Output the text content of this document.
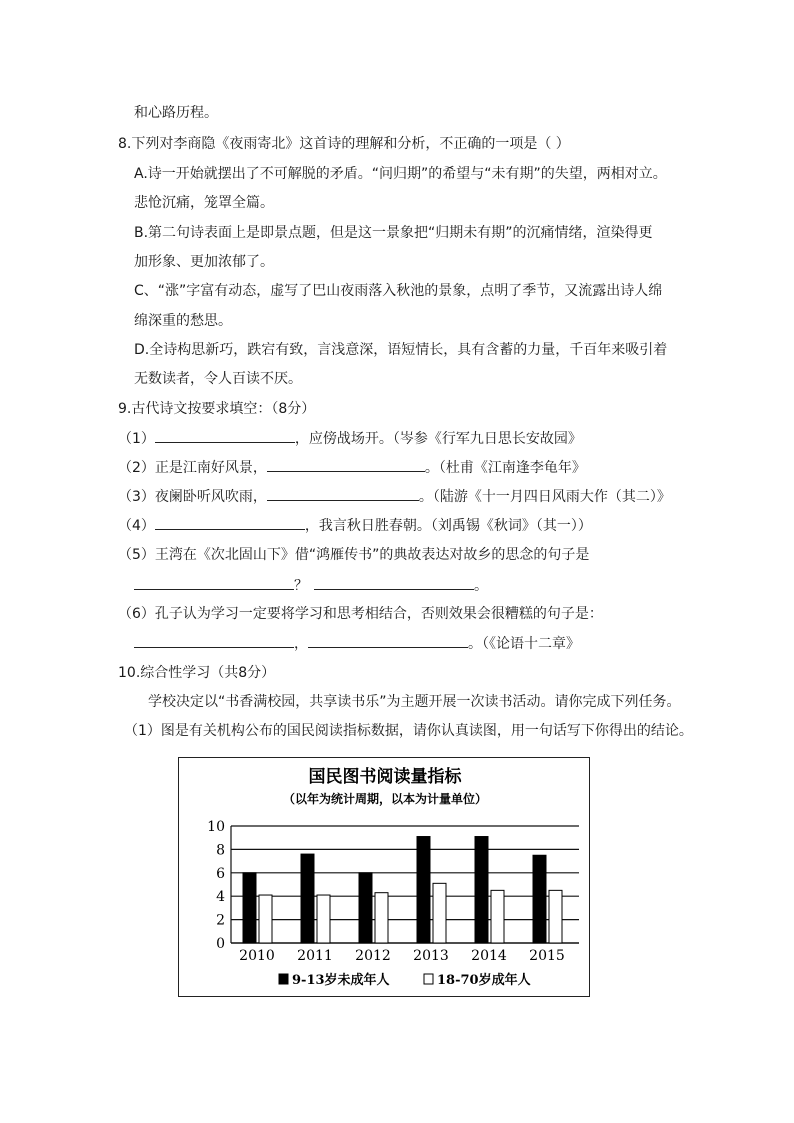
和心路历程。
8.下列对李商隐《夜雨寄北》这首诗的理解和分析，不正确的一项是（ ）
A.诗一开始就摆出了不可解脱的矛盾。“问归期”的希望与“未有期”的失望，两相对立。
悲怆沉痛，笼罩全篇。
B.第二句诗表面上是即景点题，但是这一景象把“归期未有期”的沉痛情绪，渲染得更
加形象、更加浓郁了。
C、“涨”字富有动态，虚写了巴山夜雨落入秋池的景象，点明了季节，又流露出诗人绵
绵深重的愁思。
D.全诗构思新巧，跌宕有致，言浅意深，语短情长，具有含蓄的力量，千百年来吸引着
无数读者，令人百读不厌。
9.古代诗文按要求填空：（8分）
（1）	，应傍战场开。（岑参《行军九日思长安故园》
（2）正是江南好风景，	。（杜甫《江南逢李龟年》
（3）夜阑卧听风吹雨，	。（陆游《十一月四日风雨大作（其二）》
（4）	，我言秋日胜春朝。（刘禹锡《秋词》（其一））
（5）王湾在《次北固山下》借“鸿雁传书”的典故表达对故乡的思念的句子是
？	。
（6）孔子认为学习一定要将学习和思考相结合，否则效果会很糟糕的句子是：
，	。（《论语十二章》
10.综合性学习（共8分）
学校决定以“书香满校园，共享读书乐”为主题开展一次读书活动。请你完成下列任务。
（1）图是有关机构公布的国民阅读指标数据，请你认真读图，用一句话写下你得出的结论。
国民图书阅读量指标
（以年为统计周期，以本为计量单位）
0
2
4
6
8
10
2010 2011 2012 2013 2014 2015
9-13岁未成年人	18-70岁成年人
